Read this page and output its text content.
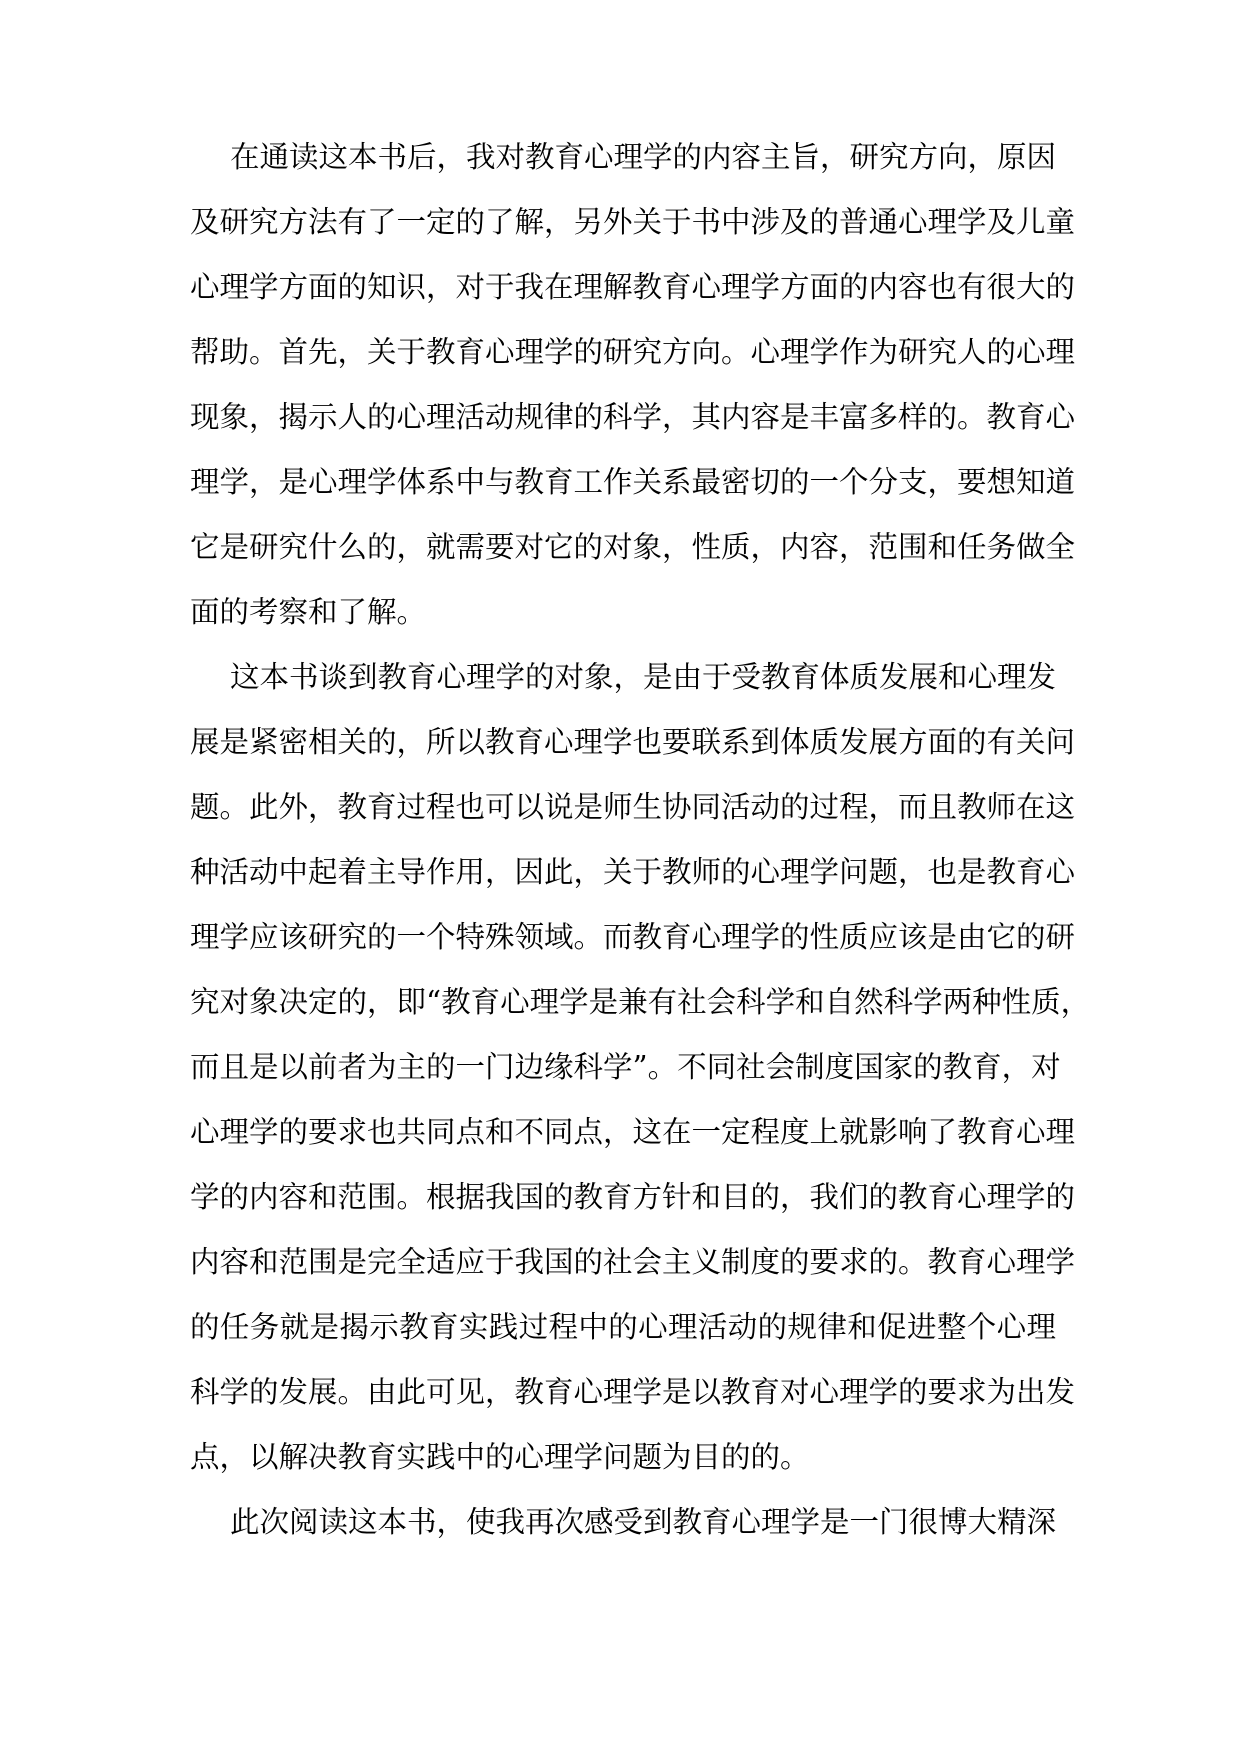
在通读这本书后，我对教育心理学的内容主旨，研究方向，原因
及研究方法有了一定的了解，另外关于书中涉及的普通心理学及儿童
心理学方面的知识，对于我在理解教育心理学方面的内容也有很大的
帮助。首先，关于教育心理学的研究方向。心理学作为研究人的心理
现象，揭示人的心理活动规律的科学，其内容是丰富多样的。教育心
理学，是心理学体系中与教育工作关系最密切的一个分支，要想知道
它是研究什么的，就需要对它的对象，性质，内容，范围和任务做全
面的考察和了解。
这本书谈到教育心理学的对象，是由于受教育体质发展和心理发
展是紧密相关的，所以教育心理学也要联系到体质发展方面的有关问
题。此外，教育过程也可以说是师生协同活动的过程，而且教师在这
种活动中起着主导作用，因此，关于教师的心理学问题，也是教育心
理学应该研究的一个特殊领域。而教育心理学的性质应该是由它的研
究对象决定的，即“教育心理学是兼有社会科学和自然科学两种性质，
而且是以前者为主的一门边缘科学”。不同社会制度国家的教育，对
心理学的要求也共同点和不同点，这在一定程度上就影响了教育心理
学的内容和范围。根据我国的教育方针和目的，我们的教育心理学的
内容和范围是完全适应于我国的社会主义制度的要求的。教育心理学
的任务就是揭示教育实践过程中的心理活动的规律和促进整个心理
科学的发展。由此可见，教育心理学是以教育对心理学的要求为出发
点，以解决教育实践中的心理学问题为目的的。
此次阅读这本书，使我再次感受到教育心理学是一门很博大精深
